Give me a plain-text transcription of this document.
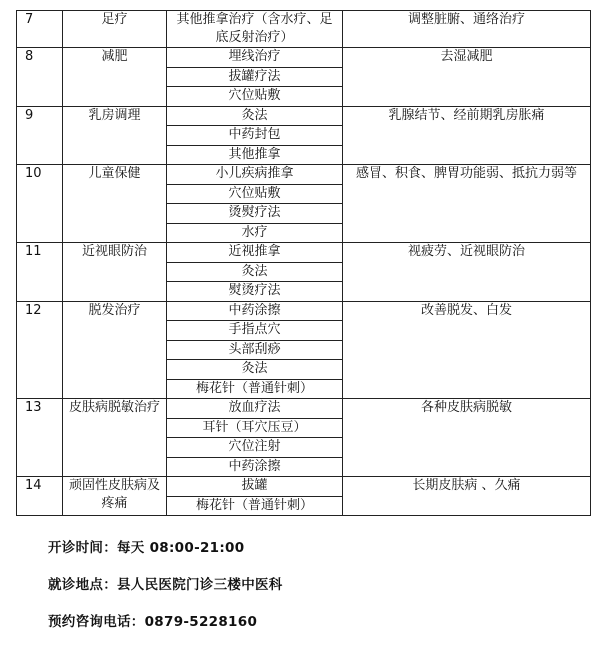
7	足疗	其他推拿治疗（含水疗、足底反射治疗）	调整脏腑、通络治疗
8	减肥	埋线治疗	去湿减肥
		拔罐疗法	
		穴位贴敷	
9	乳房调理	灸法	乳腺结节、经前期乳房胀痛
		中药封包	
		其他推拿	
10	儿童保健	小儿疾病推拿	感冒、积食、脾胃功能弱、抵抗力弱等
		穴位贴敷	
		烫熨疗法	
		水疗	
11	近视眼防治	近视推拿	视疲劳、近视眼防治
		灸法	
		熨烫疗法	
12	脱发治疗	中药涂擦	改善脱发、白发
		手指点穴	
		头部刮痧	
		灸法	
		梅花针（普通针刺）	
13	皮肤病脱敏治疗	放血疗法	各种皮肤病脱敏
		耳针（耳穴压豆）	
		穴位注射	
		中药涂擦	
14	顽固性皮肤病及疼痛	拔罐	长期皮肤病 、久痛
		梅花针（普通针刺）	
开诊时间：每天 08:00-21:00
就诊地点：县人民医院门诊三楼中医科
预约咨询电话：0879-5228160
